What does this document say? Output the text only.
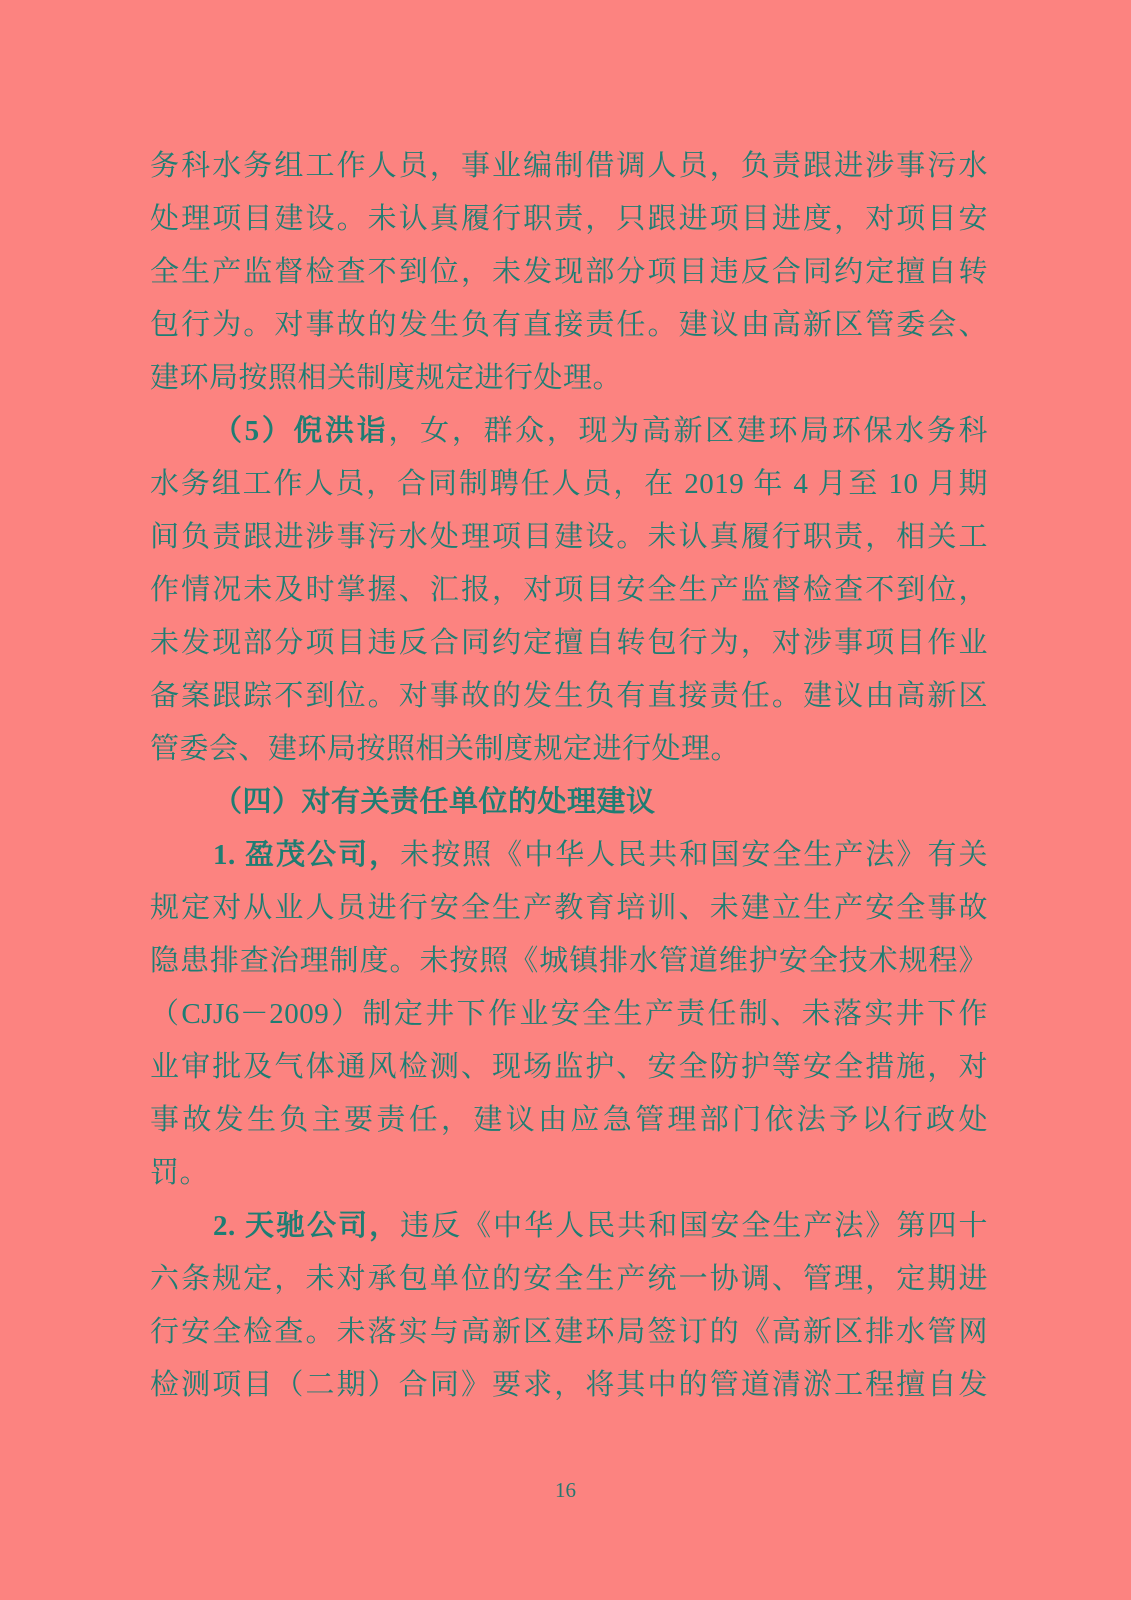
务科水务组工作人员，事业编制借调人员，负责跟进涉事污水
处理项目建设。未认真履行职责，只跟进项目进度，对项目安
全生产监督检查不到位，未发现部分项目违反合同约定擅自转
包行为。对事故的发生负有直接责任。建议由高新区管委会、
建环局按照相关制度规定进行处理。
（5）倪洪诣，女，群众，现为高新区建环局环保水务科
水务组工作人员，合同制聘任人员，在 2019 年 4 月至 10 月期
间负责跟进涉事污水处理项目建设。未认真履行职责，相关工
作情况未及时掌握、汇报，对项目安全生产监督检查不到位，
未发现部分项目违反合同约定擅自转包行为，对涉事项目作业
备案跟踪不到位。对事故的发生负有直接责任。建议由高新区
管委会、建环局按照相关制度规定进行处理。
（四）对有关责任单位的处理建议
1. 盈茂公司，未按照《中华人民共和国安全生产法》有关
规定对从业人员进行安全生产教育培训、未建立生产安全事故
隐患排查治理制度。未按照《城镇排水管道维护安全技术规程》
（CJJ6－2009）制定井下作业安全生产责任制、未落实井下作
业审批及气体通风检测、现场监护、安全防护等安全措施，对
事故发生负主要责任，建议由应急管理部门依法予以行政处
罚。
2. 天驰公司，违反《中华人民共和国安全生产法》第四十
六条规定，未对承包单位的安全生产统一协调、管理，定期进
行安全检查。未落实与高新区建环局签订的《高新区排水管网
检测项目（二期）合同》要求，将其中的管道清淤工程擅自发
16
